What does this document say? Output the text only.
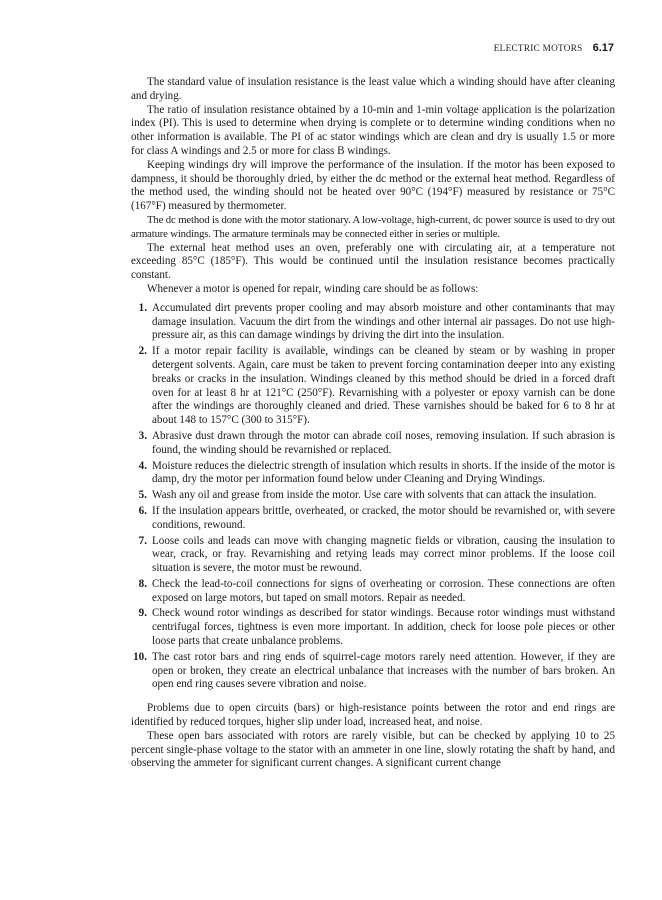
ELECTRIC MOTORS 6.17

The standard value of insulation resistance is the least value which a winding should have after cleaning and drying.

The ratio of insulation resistance obtained by a 10-min and 1-min voltage application is the polarization index (PI). This is used to determine when drying is complete or to determine winding conditions when no other information is available. The PI of ac stator windings which are clean and dry is usually 1.5 or more for class A windings and 2.5 or more for class B windings.

Keeping windings dry will improve the performance of the insulation. If the motor has been exposed to dampness, it should be thoroughly dried, by either the dc method or the external heat method. Regardless of the method used, the winding should not be heated over 90°C (194°F) measured by resistance or 75°C (167°F) measured by thermometer.

The dc method is done with the motor stationary. A low-voltage, high-current, dc power source is used to dry out armature windings. The armature terminals may be connected either in series or multiple.

The external heat method uses an oven, preferably one with circulating air, at a temperature not exceeding 85°C (185°F). This would be continued until the insulation resistance becomes practically constant.

Whenever a motor is opened for repair, winding care should be as follows:

1. Accumulated dirt prevents proper cooling and may absorb moisture and other contaminants that may damage insulation. Vacuum the dirt from the windings and other internal air passages. Do not use high-pressure air, as this can damage windings by driving the dirt into the insulation.
2. If a motor repair facility is available, windings can be cleaned by steam or by washing in proper detergent solvents. Again, care must be taken to prevent forcing contamination deeper into any existing breaks or cracks in the insulation. Windings cleaned by this method should be dried in a forced draft oven for at least 8 hr at 121°C (250°F). Revarnishing with a polyester or epoxy varnish can be done after the windings are thoroughly cleaned and dried. These varnishes should be baked for 6 to 8 hr at about 148 to 157°C (300 to 315°F).
3. Abrasive dust drawn through the motor can abrade coil noses, removing insulation. If such abrasion is found, the winding should be revarnished or replaced.
4. Moisture reduces the dielectric strength of insulation which results in shorts. If the inside of the motor is damp, dry the motor per information found below under Cleaning and Drying Windings.
5. Wash any oil and grease from inside the motor. Use care with solvents that can attack the insulation.
6. If the insulation appears brittle, overheated, or cracked, the motor should be revarnished or, with severe conditions, rewound.
7. Loose coils and leads can move with changing magnetic fields or vibration, causing the insulation to wear, crack, or fray. Revarnishing and retying leads may correct minor problems. If the loose coil situation is severe, the motor must be rewound.
8. Check the lead-to-coil connections for signs of overheating or corrosion. These connections are often exposed on large motors, but taped on small motors. Repair as needed.
9. Check wound rotor windings as described for stator windings. Because rotor windings must withstand centrifugal forces, tightness is even more important. In addition, check for loose pole pieces or other loose parts that create unbalance problems.
10. The cast rotor bars and ring ends of squirrel-cage motors rarely need attention. However, if they are open or broken, they create an electrical unbalance that increases with the number of bars broken. An open end ring causes severe vibration and noise.

Problems due to open circuits (bars) or high-resistance points between the rotor and end rings are identified by reduced torques, higher slip under load, increased heat, and noise.

These open bars associated with rotors are rarely visible, but can be checked by applying 10 to 25 percent single-phase voltage to the stator with an ammeter in one line, slowly rotating the shaft by hand, and observing the ammeter for significant current changes. A significant current change
